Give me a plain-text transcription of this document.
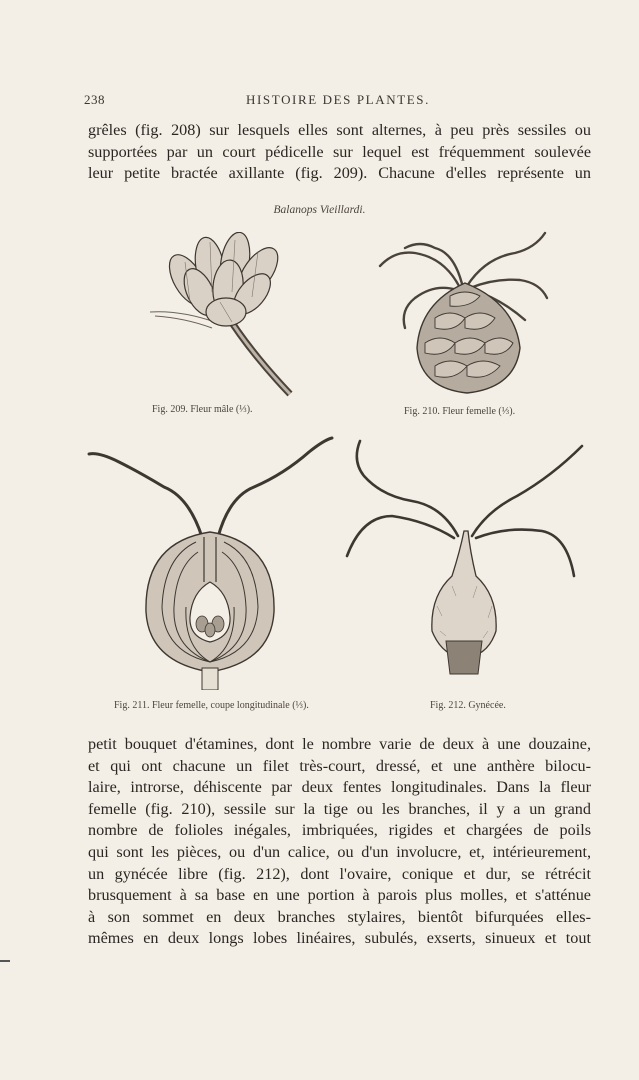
238	HISTOIRE DES PLANTES.
grêles (fig. 208) sur lesquels elles sont alternes, à peu près sessiles ou
supportées par un court pédicelle sur lequel est fréquemment soulevée
leur petite bractée axillante (fig. 209). Chacune d'elles représente un
Balanops Vieillardi.
Fig. 209. Fleur mâle (⅓).	Fig. 210. Fleur femelle (⅓).
Fig. 211. Fleur femelle, coupe longitudinale (⅓).	Fig. 212. Gynécée.
petit bouquet d'étamines, dont le nombre varie de deux à une douzaine,
et qui ont chacune un filet très-court, dressé, et une anthère bilocu-
laire, introrse, déhiscente par deux fentes longitudinales. Dans la fleur
femelle (fig. 210), sessile sur la tige ou les branches, il y a un grand
nombre de folioles inégales, imbriquées, rigides et chargées de poils
qui sont les pièces, ou d'un calice, ou d'un involucre, et, intérieurement,
un gynécée libre (fig. 212), dont l'ovaire, conique et dur, se rétrécit
brusquement à sa base en une portion à parois plus molles, et s'atténue
à son sommet en deux branches stylaires, bientôt bifurquées elles-
mêmes en deux longs lobes linéaires, subulés, exserts, sinueux et tout
